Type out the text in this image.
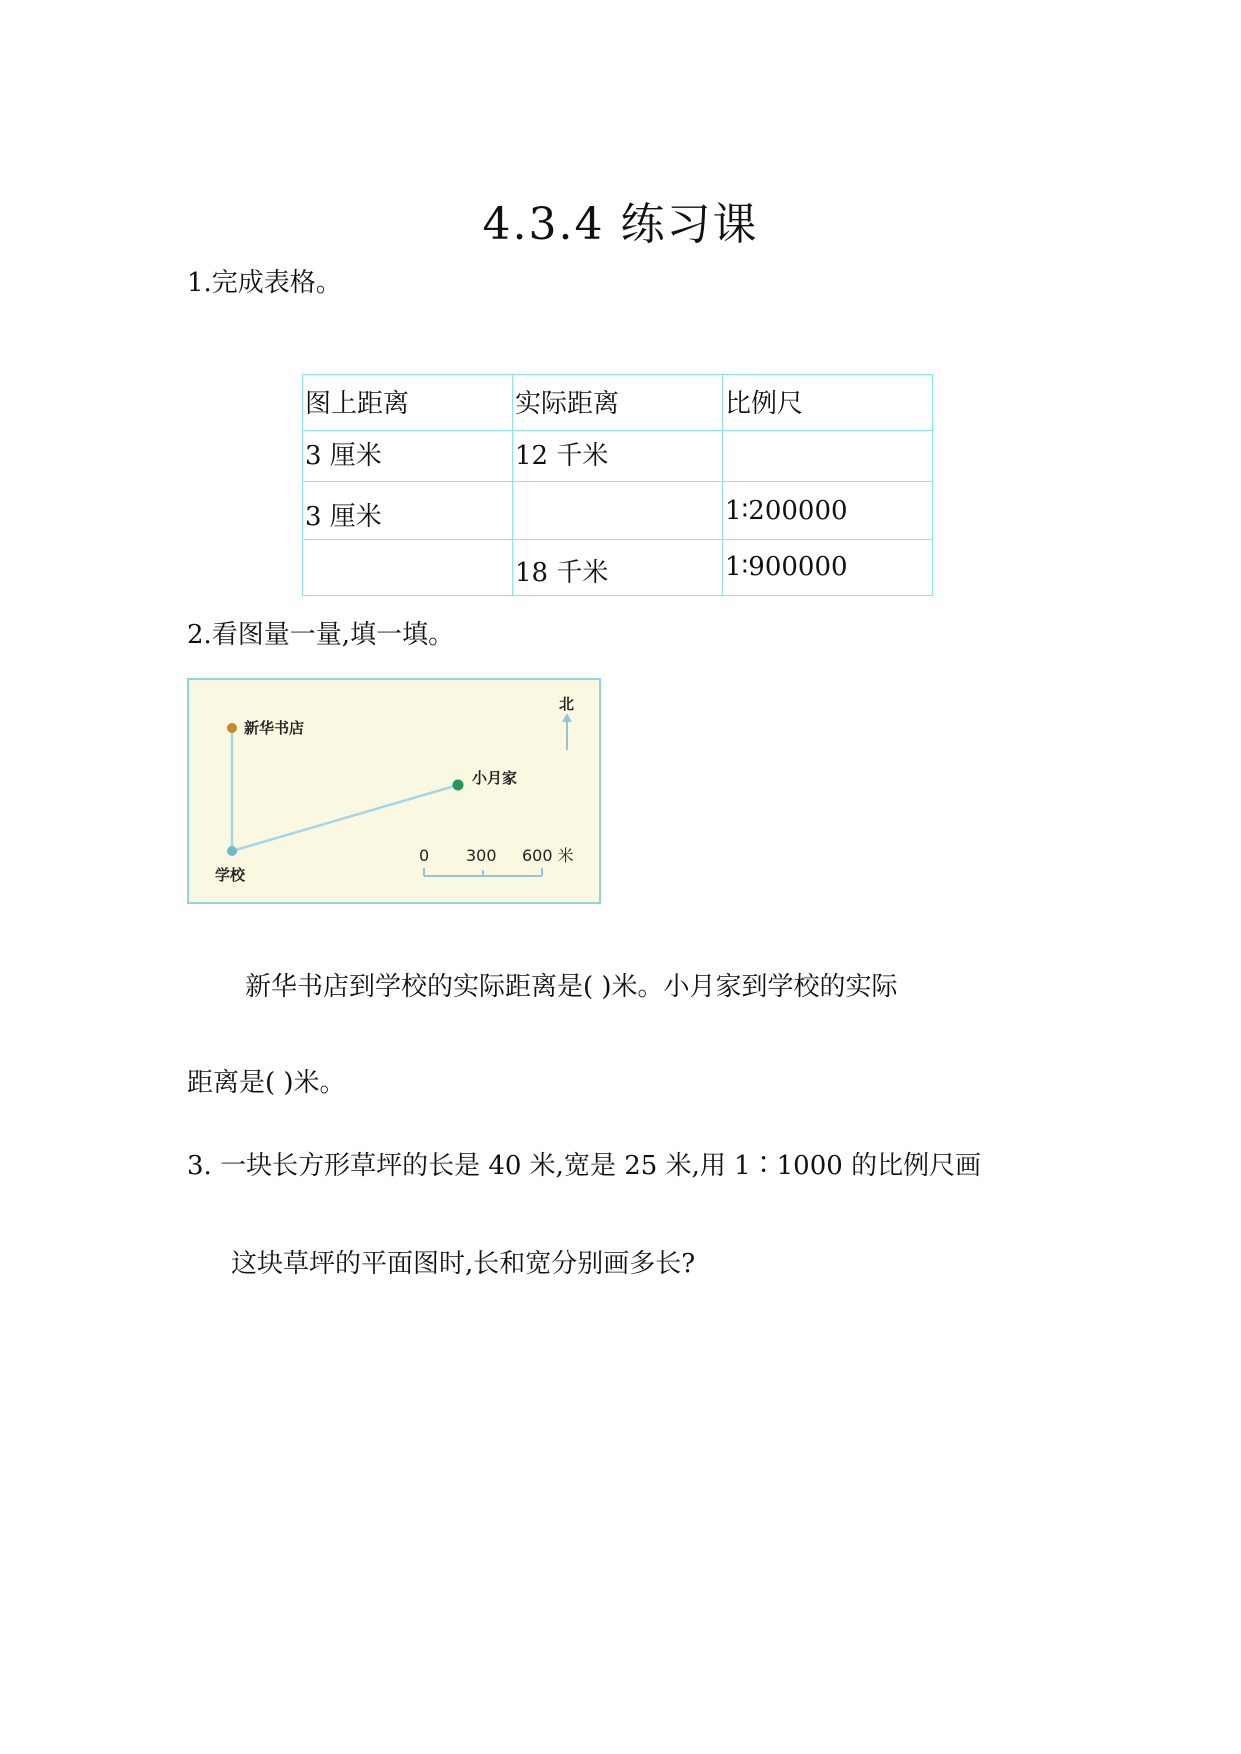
4.3.4 练习课

1.完成表格。

图上距离	实际距离	比例尺
3 厘米	12 千米	
3 厘米		1∶200000
	18 千米	1∶900000

2.看图量一量,填一填。

新华书店
小月家
学校
北
0 300 600 米

新华书店到学校的实际距离是( )米。小月家到学校的实际

距离是( )米。

3. 一块长方形草坪的长是 40 米,宽是 25 米,用 1∶1000 的比例尺画

这块草坪的平面图时,长和宽分别画多长?
